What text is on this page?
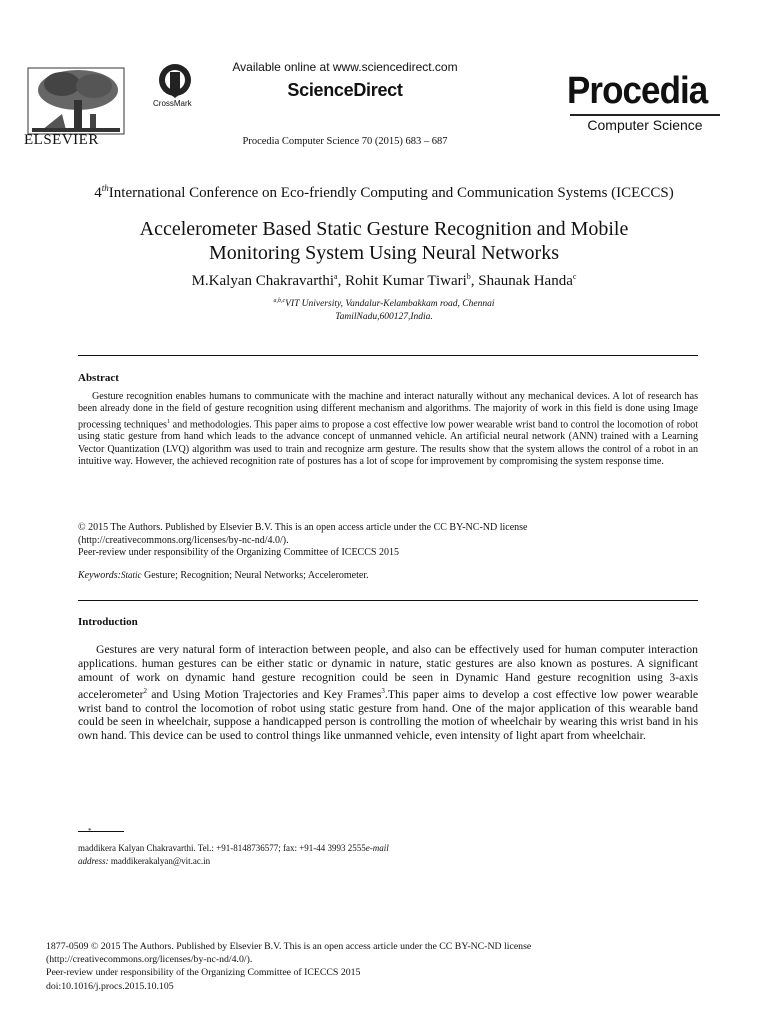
ELSEVIER
CrossMark
Available online at www.sciencedirect.com
ScienceDirect
Procedia Computer Science 70 (2015) 683 – 687
Procedia
Computer Science
4thInternational Conference on Eco-friendly Computing and Communication Systems (ICECCS)
Accelerometer Based Static Gesture Recognition and Mobile
Monitoring System Using Neural Networks
M.Kalyan Chakravarthi$^a$, Rohit Kumar Tiwari$^b$, Shaunak Handa$^c$
$^{a,b,c}$VIT University, Vandalur-Kelambakkam road, Chennai
TamilNadu,600127,India.
Abstract
Gesture recognition enables humans to communicate with the machine and interact naturally without any mechanical devices. A lot of research has been already done in the field of gesture recognition using different mechanism and algorithms. The majority of work in this field is done using Image processing techniques$^1$ and methodologies. This paper aims to propose a cost effective low power wearable wrist band to control the locomotion of robot using static gesture from hand which leads to the advance concept of unmanned vehicle. An artificial neural network (ANN) trained with a Learning Vector Quantization (LVQ) algorithm was used to train and recognize arm gesture. The results show that the system allows the control of a robot in an intuitive way. However, the achieved recognition rate of postures has a lot of scope for improvement by compromising the system response time.
© 2015 The Authors. Published by Elsevier B.V. This is an open access article under the CC BY-NC-ND license
(http://creativecommons.org/licenses/by-nc-nd/4.0/).
Peer-review under responsibility of the Organizing Committee of ICECCS 2015
Keywords:Static Gesture; Recognition; Neural Networks; Accelerometer.
Introduction
Gestures are very natural form of interaction between people, and also can be effectively used for human computer interaction applications. human gestures can be either static or dynamic in nature, static gestures are also known as postures. A significant amount of work on dynamic hand gesture recognition could be seen in Dynamic Hand gesture recognition using 3-axis accelerometer$^2$ and Using Motion Trajectories and Key Frames$^3$.This paper aims to develop a cost effective low power wearable wrist band to control the locomotion of robot using static gesture from hand. One of the major application of this wearable band could be seen in wheelchair, suppose a handicapped person is controlling the motion of wheelchair by wearing this wrist band in his own hand. This device can be used to control things like unmanned vehicle, even intensity of light apart from wheelchair.
*
maddikera Kalyan Chakravarthi. Tel.: +91-8148736577; fax: +91-44 3993 2555e-mail
address: maddikerakalyan@vit.ac.in
1877-0509 © 2015 The Authors. Published by Elsevier B.V. This is an open access article under the CC BY-NC-ND license
(http://creativecommons.org/licenses/by-nc-nd/4.0/).
Peer-review under responsibility of the Organizing Committee of ICECCS 2015
doi:10.1016/j.procs.2015.10.105
